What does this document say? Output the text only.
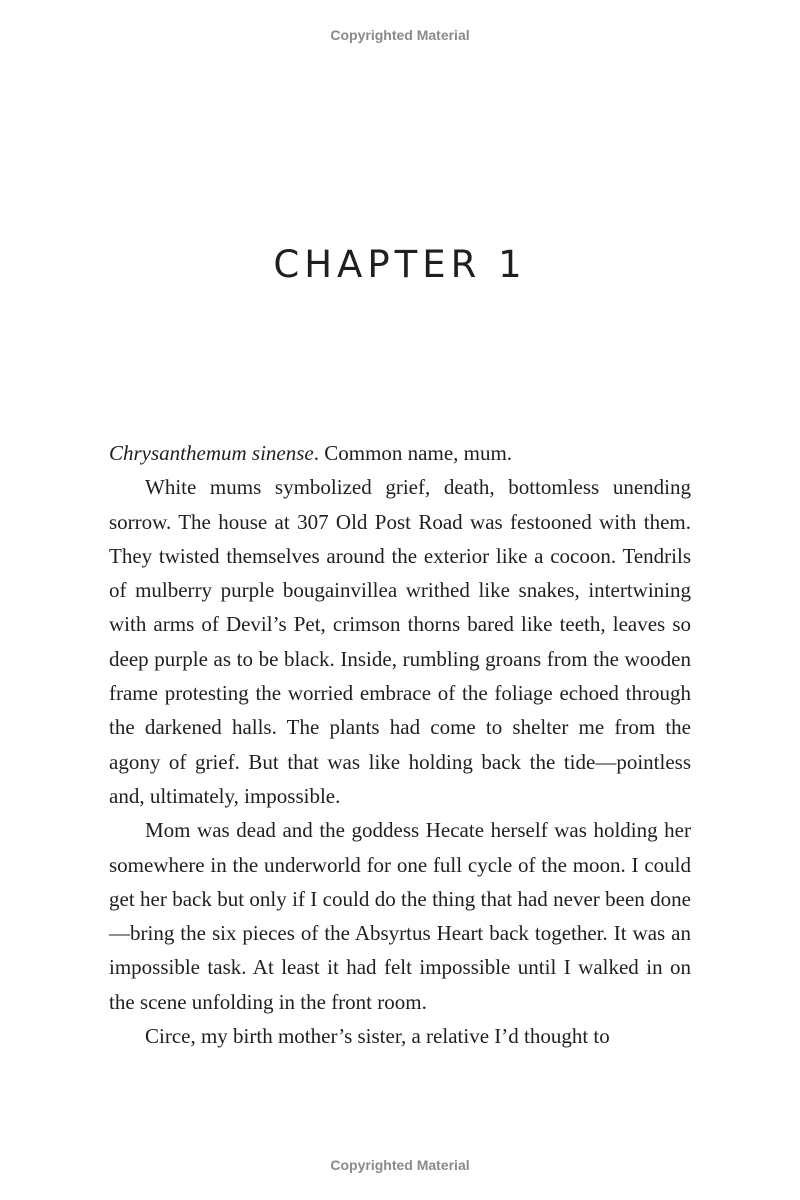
Copyrighted Material
CHAPTER 1

Chrysanthemum sinense. Common name, mum.

White mums symbolized grief, death, bottomless unending sorrow. The house at 307 Old Post Road was festooned with them. They twisted themselves around the exterior like a cocoon. Tendrils of mulberry purple bougainvillea writhed like snakes, intertwining with arms of Devil’s Pet, crimson thorns bared like teeth, leaves so deep purple as to be black. Inside, rumbling groans from the wooden frame protesting the worried embrace of the foliage echoed through the darkened halls. The plants had come to shelter me from the agony of grief. But that was like holding back the tide—pointless and, ultimately, impossible.

Mom was dead and the goddess Hecate herself was holding her somewhere in the underworld for one full cycle of the moon. I could get her back but only if I could do the thing that had never been done—bring the six pieces of the Absyrtus Heart back together. It was an impossible task. At least it had felt impossible until I walked in on the scene unfolding in the front room.

Circe, my birth mother’s sister, a relative I’d thought to

Copyrighted Material
